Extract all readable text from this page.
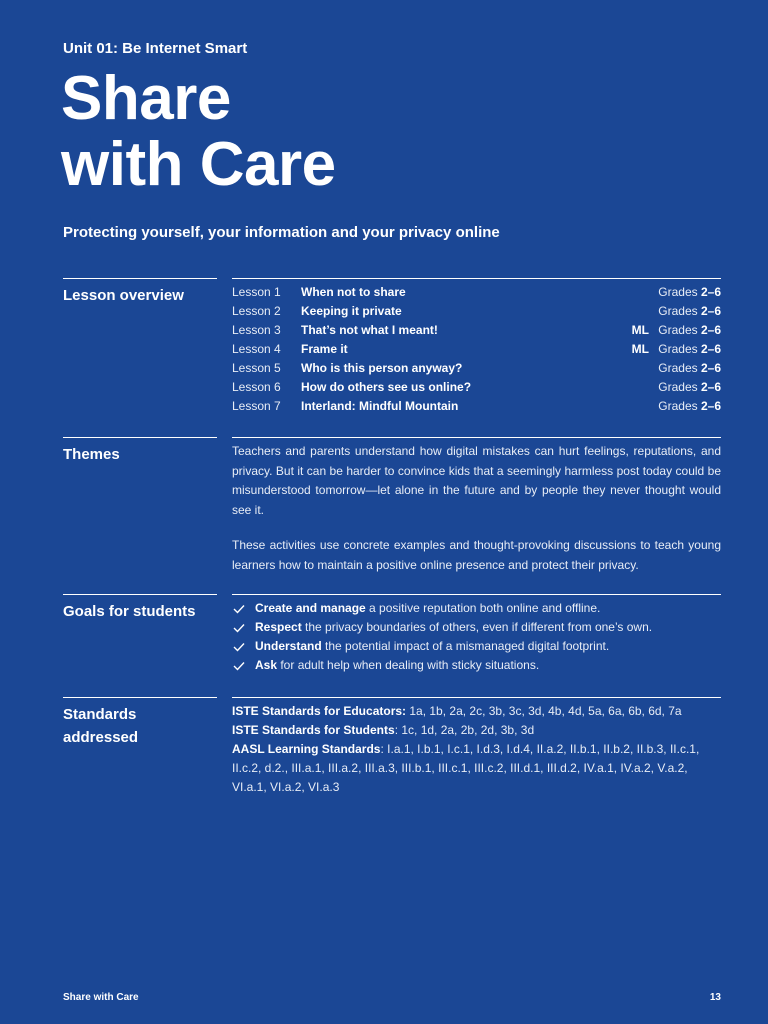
Unit 01: Be Internet Smart
Share
with Care
Protecting yourself, your information and your privacy online
Lesson overview	Lesson 1 When not to share	Grades 2–6
Lesson 2 Keeping it private	Grades 2–6
Lesson 3 That’s not what I meant!	ML Grades 2–6
Lesson 4 Frame it	ML Grades 2–6
Lesson 5 Who is this person anyway?	Grades 2–6
Lesson 6 How do others see us online?	Grades 2–6
Lesson 7 Interland: Mindful Mountain	Grades 2–6
Themes	Teachers and parents understand how digital mistakes can hurt feelings, reputations, and privacy. But it can be harder to convince kids that a seemingly harmless post today could be misunderstood tomorrow—let alone in the future and by people they never thought would see it.

These activities use concrete examples and thought-provoking discussions to teach young learners how to maintain a positive online presence and protect their privacy.

Goals for students	Create and manage a positive reputation both online and offline.
Respect the privacy boundaries of others, even if different from one’s own.
Understand the potential impact of a mismanaged digital footprint.
Ask for adult help when dealing with sticky situations.
Standards
addressed

ISTE Standards for Educators: 1a, 1b, 2a, 2c, 3b, 3c, 3d, 4b, 4d, 5a, 6a, 6b, 6d, 7a

ISTE Standards for Students: 1c, 1d, 2a, 2b, 2d, 3b, 3d

AASL Learning Standards: I.a.1, I.b.1, I.c.1, I.d.3, I.d.4, II.a.2, II.b.1, II.b.2, II.b.3, II.c.1, II.c.2, d.2., III.a.1, III.a.2, III.a.3, III.b.1, III.c.1, III.c.2, III.d.1, III.d.2, IV.a.1, IV.a.2, V.a.2, VI.a.1, VI.a.2, VI.a.3

Share with Care	13
